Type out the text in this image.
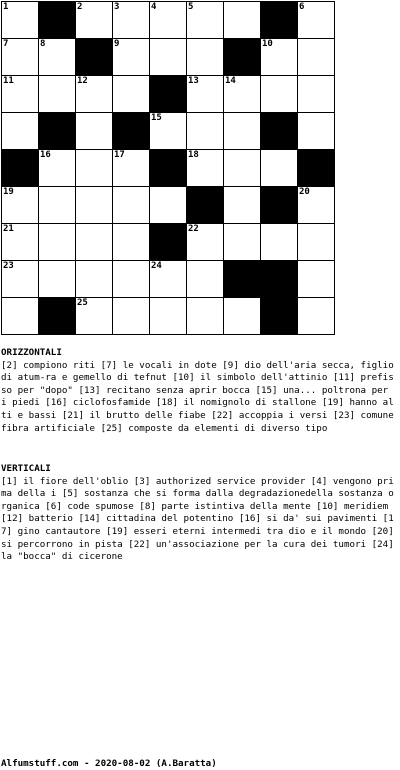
1	2	3	4	5	6
7	8	9	10
11	12	13	14
15
16	17	18
19	20
21	22
23	24
25
ORIZZONTALI
[2] compiono riti [7] le vocali in dote [9] dio dell'aria secca, figlio di atum-ra e gemello di tefnut [10] il simbolo dell'attinio [11] prefisso per "dopo" [13] recitano senza aprir bocca [15] una... poltrona per i piedi [16] ciclofosfamide [18] il nomignolo di stallone [19] hanno alti e bassi [21] il brutto delle fiabe [22] accoppia i versi [23] comune fibra artificiale [25] composte da elementi di diverso tipo
VERTICALI
[1] il fiore dell'oblio [3] authorized service provider [4] vengono prima della i [5] sostanza che si forma dalla degradazionedella sostanza organica [6] code spumose [8] parte istintiva della mente [10] meridiem [12] batterio [14] cittadina del potentino [16] si da' sui pavimenti [17] gino cantautore [19] esseri eterni intermedi tra dio e il mondo [20] si percorrono in pista [22] un'associazione per la cura dei tumori [24] la "bocca" di cicerone
Alfumstuff.com - 2020-08-02 (A.Baratta)
